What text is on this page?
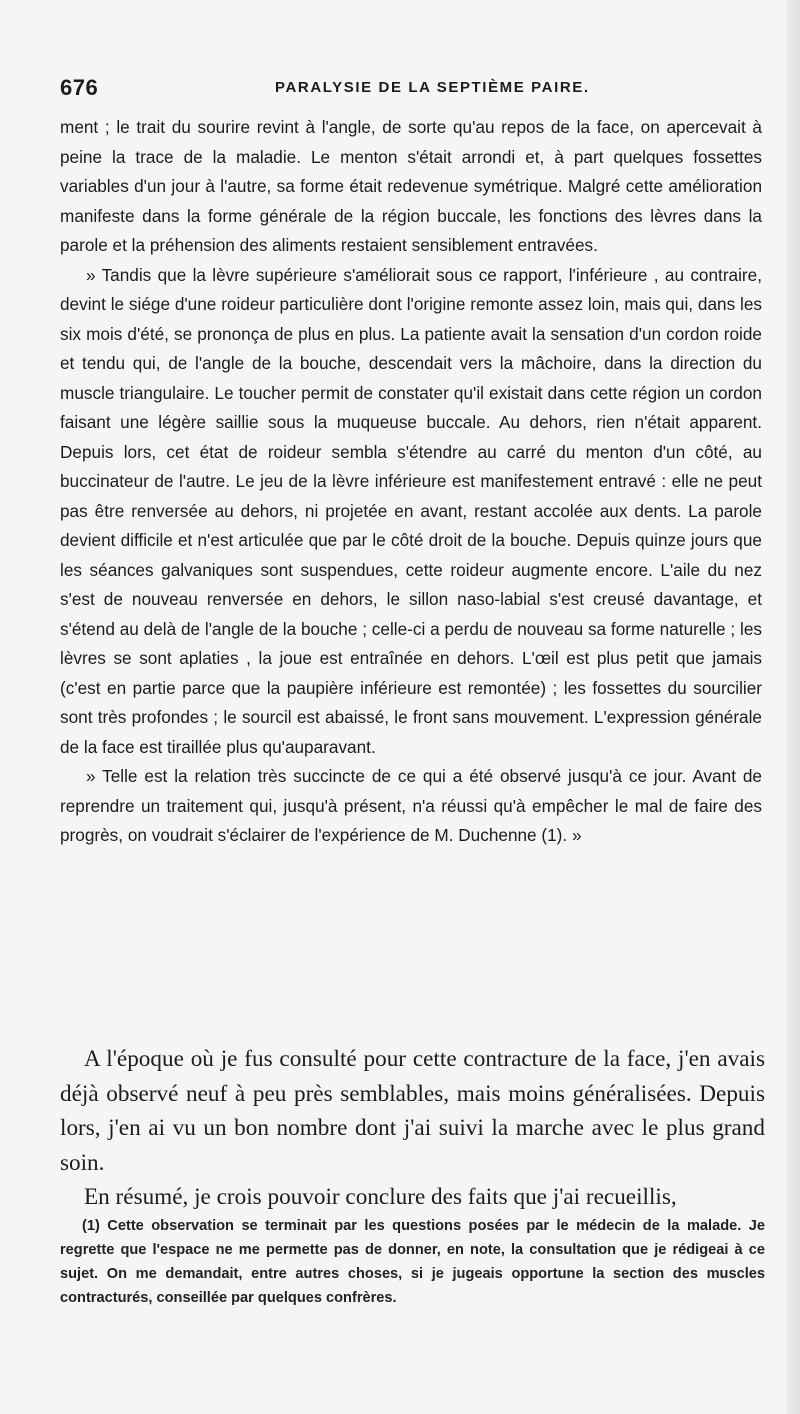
676	PARALYSIE DE LA SEPTIÈME PAIRE.

ment ; le trait du sourire revint à l'angle, de sorte qu'au repos de la face, on apercevait à peine la trace de la maladie. Le menton s'était arrondi et, à part quelques fossettes variables d'un jour à l'autre, sa forme était redevenue symétrique. Malgré cette amélioration manifeste dans la forme générale de la région buccale, les fonctions des lèvres dans la parole et la préhension des aliments restaient sensiblement entravées.

» Tandis que la lèvre supérieure s'améliorait sous ce rapport, l'inférieure , au contraire, devint le siége d'une roideur particulière dont l'origine remonte assez loin, mais qui, dans les six mois d'été, se prononça de plus en plus. La patiente avait la sensation d'un cordon roide et tendu qui, de l'angle de la bouche, descendait vers la mâchoire, dans la direction du muscle triangulaire. Le toucher permit de constater qu'il existait dans cette région un cordon faisant une légère saillie sous la muqueuse buccale. Au dehors, rien n'était apparent. Depuis lors, cet état de roideur sembla s'étendre au carré du menton d'un côté, au buccinateur de l'autre. Le jeu de la lèvre inférieure est manifestement entravé : elle ne peut pas être renversée au dehors, ni projetée en avant, restant accolée aux dents. La parole devient difficile et n'est articulée que par le côté droit de la bouche. Depuis quinze jours que les séances galvaniques sont suspendues, cette roideur augmente encore. L'aile du nez s'est de nouveau renversée en dehors, le sillon naso-labial s'est creusé davantage, et s'étend au delà de l'angle de la bouche ; celle-ci a perdu de nouveau sa forme naturelle ; les lèvres se sont aplaties , la joue est entraînée en dehors. L'œil est plus petit que jamais (c'est en partie parce que la paupière inférieure est remontée) ; les fossettes du sourcilier sont très profondes ; le sourcil est abaissé, le front sans mouvement. L'expression générale de la face est tiraillée plus qu'auparavant.

» Telle est la relation très succincte de ce qui a été observé jusqu'à ce jour. Avant de reprendre un traitement qui, jusqu'à présent, n'a réussi qu'à empêcher le mal de faire des progrès, on voudrait s'éclairer de l'expérience de M. Duchenne (1). »

A l'époque où je fus consulté pour cette contracture de la face, j'en avais déjà observé neuf à peu près semblables, mais moins généralisées. Depuis lors, j'en ai vu un bon nombre dont j'ai suivi la marche avec le plus grand soin.

En résumé, je crois pouvoir conclure des faits que j'ai recueillis,

(1) Cette observation se terminait par les questions posées par le médecin de la malade. Je regrette que l'espace ne me permette pas de donner, en note, la consultation que je rédigeai à ce sujet. On me demandait, entre autres choses, si je jugeais opportune la section des muscles contracturés, conseillée par quelques confrères.
